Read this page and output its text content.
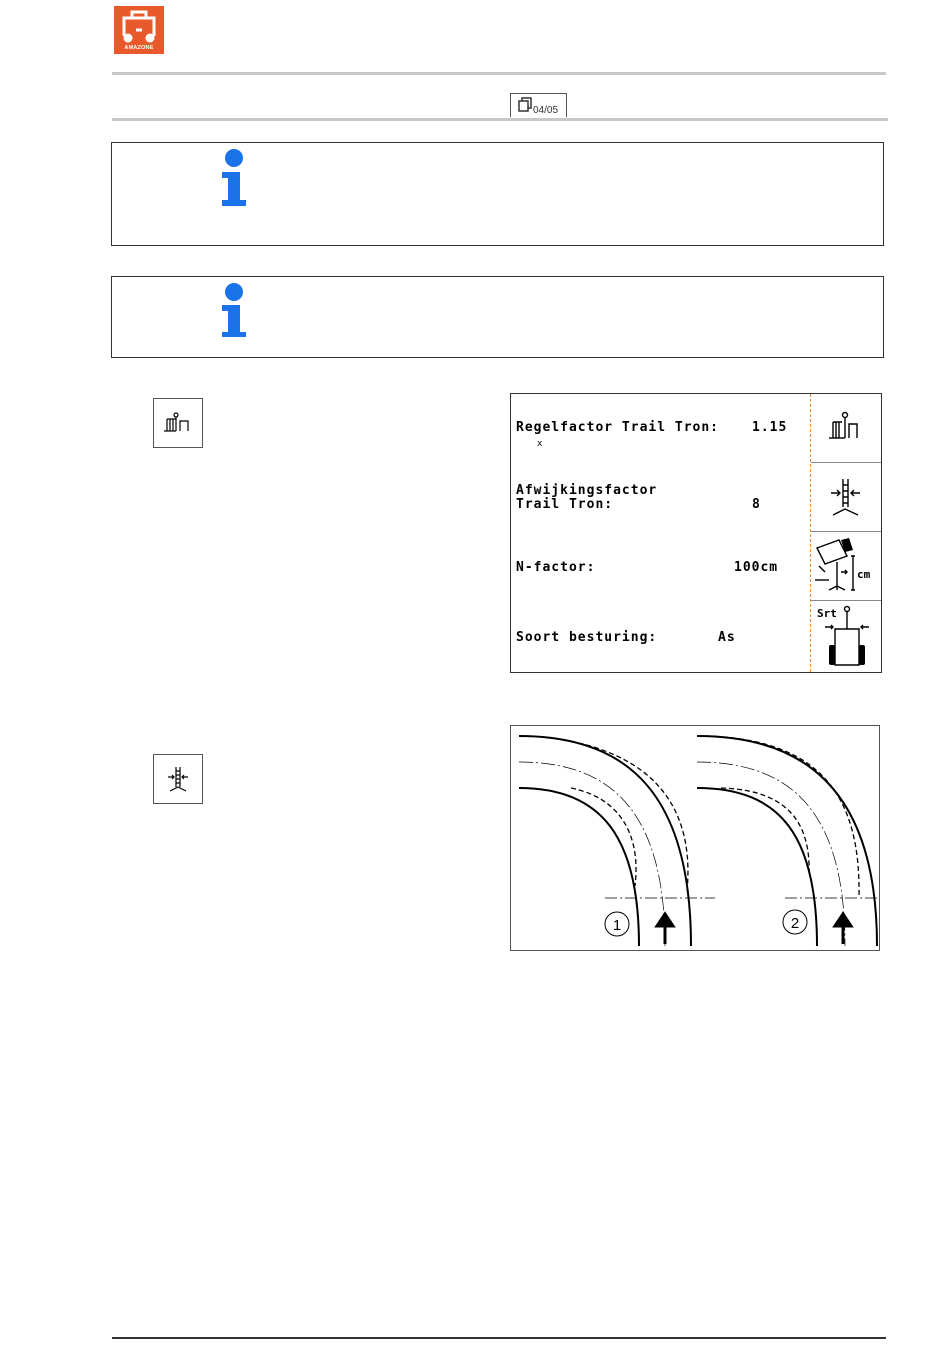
AMAZONE
04/05
Regelfactor Trail Tron:	1.15
x
Afwijkingsfactor
Trail Tron:	8
N-factor:	100cm
Soort besturing:	As
cm
Srt
1	2
